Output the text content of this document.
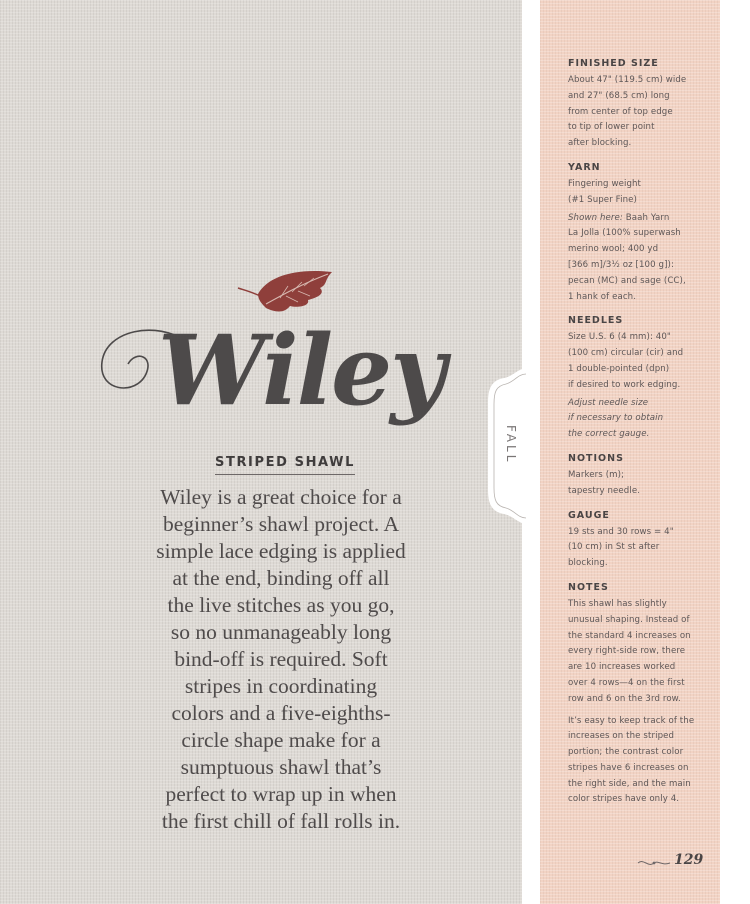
Wiley
STRIPED SHAWL

Wiley is a great choice for a
beginner’s shawl project. A
simple lace edging is applied
at the end, binding off all
the live stitches as you go,
so no unmanageably long
bind-off is required. Soft
stripes in coordinating
colors and a five-eighths-
circle shape make for a
sumptuous shawl that’s
perfect to wrap up in when
the first chill of fall rolls in.

FALL
FINISHED SIZE
About 47" (119.5 cm) wide
and 27" (68.5 cm) long
from center of top edge
to tip of lower point
after blocking.
YARN
Fingering weight
(#1 Super Fine)
Shown here: Baah Yarn
La Jolla (100% superwash
merino wool; 400 yd
[366 m]/3½ oz [100 g]):
pecan (MC) and sage (CC),
1 hank of each.
NEEDLES
Size U.S. 6 (4 mm): 40"
(100 cm) circular (cir) and
1 double-pointed (dpn)
if desired to work edging.
Adjust needle size
if necessary to obtain
the correct gauge.
NOTIONS
Markers (m);
tapestry needle.
GAUGE
19 sts and 30 rows = 4"
(10 cm) in St st after
blocking.
NOTES
This shawl has slightly
unusual shaping. Instead of
the standard 4 increases on
every right-side row, there
are 10 increases worked
over 4 rows—4 on the first
row and 6 on the 3rd row.
It’s easy to keep track of the
increases on the striped
portion; the contrast color
stripes have 6 increases on
the right side, and the main
color stripes have only 4.
129
